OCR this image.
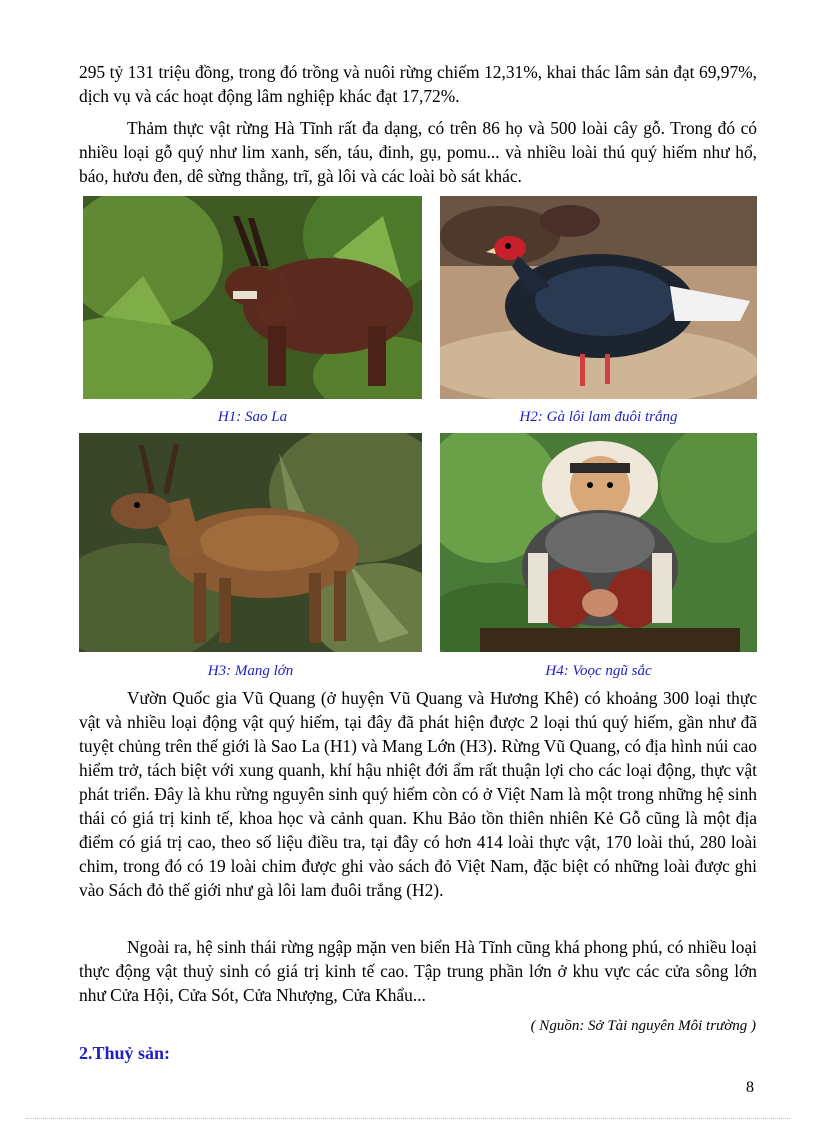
295 tỷ 131 triệu đồng, trong đó trồng và nuôi rừng chiếm 12,31%, khai thác lâm sản đạt 69,97%, dịch vụ và các hoạt động lâm nghiệp khác đạt 17,72%.

Thảm thực vật rừng Hà Tĩnh rất đa dạng, có trên 86 họ và 500 loài cây gỗ. Trong đó có nhiều loại gỗ quý như lim xanh, sến, táu, đinh, gụ, pomu... và nhiều loài thú quý hiếm như hổ, báo, hươu đen, dê sừng thẳng, trĩ, gà lôi và các loài bò sát khác.

H1: Sao La	H2: Gà lôi lam đuôi trắng

H3: Mang lớn	H4: Voọc ngũ sắc

Vườn Quốc gia Vũ Quang (ở huyện Vũ Quang và Hương Khê) có khoảng 300 loại thực vật và nhiều loại động vật quý hiếm, tại đây đã phát hiện được 2 loại thú quý hiếm, gần như đã tuyệt chủng trên thế giới là Sao La (H1) và Mang Lớn (H3). Rừng Vũ Quang, có địa hình núi cao hiểm trở, tách biệt với xung quanh, khí hậu nhiệt đới ẩm rất thuận lợi cho các loại động, thực vật phát triển. Đây là khu rừng nguyên sinh quý hiếm còn có ở Việt Nam là một trong những hệ sinh thái có giá trị kinh tế, khoa học và cảnh quan. Khu Bảo tồn thiên nhiên Kẻ Gỗ cũng là một địa điểm có giá trị cao, theo số liệu điều tra, tại đây có hơn 414 loài thực vật, 170 loài thú, 280 loài chim, trong đó có 19 loài chim được ghi vào sách đỏ Việt Nam, đặc biệt có những loài được ghi vào Sách đỏ thế giới như gà lôi lam đuôi trắng (H2).

Ngoài ra, hệ sinh thái rừng ngập mặn ven biển Hà Tĩnh cũng khá phong phú, có nhiều loại thực động vật thuỷ sinh có giá trị kinh tế cao. Tập trung phần lớn ở khu vực các cửa sông lớn như Cửa Hội, Cửa Sót, Cửa Nhượng, Cửa Khẩu...

( Nguồn: Sở Tài nguyên Môi trường )

2.Thuỷ sản:

8
